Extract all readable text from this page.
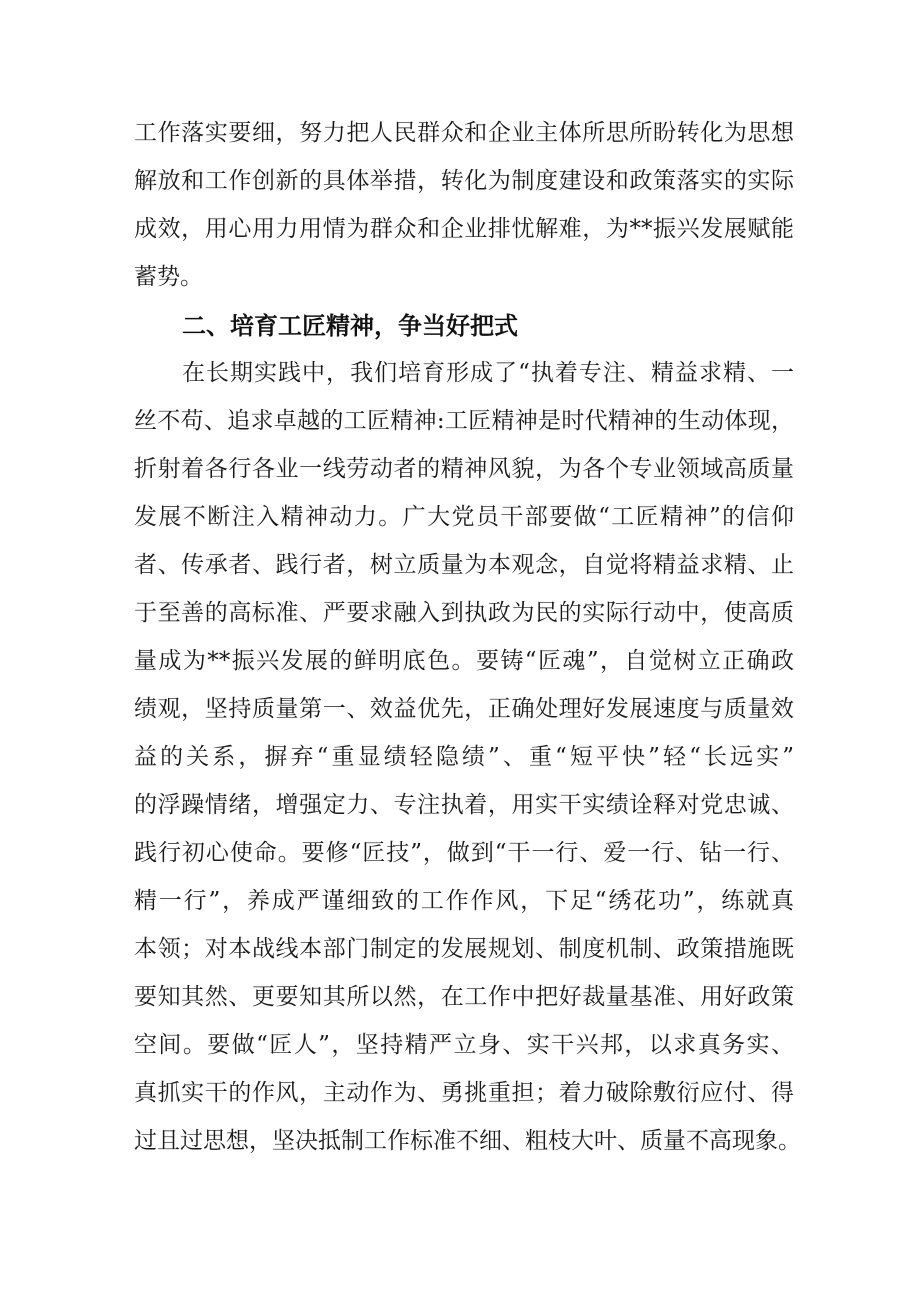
工作落实要细，努力把人民群众和企业主体所思所盼转化为思想
解放和工作创新的具体举措，转化为制度建设和政策落实的实际
成效，用心用力用情为群众和企业排忧解难，为**振兴发展赋能
蓄势。
二、培育工匠精神，争当好把式
在长期实践中，我们培育形成了“执着专注、精益求精、一
丝不苟、追求卓越的工匠精神:工匠精神是时代精神的生动体现，
折射着各行各业一线劳动者的精神风貌，为各个专业领域高质量
发展不断注入精神动力。广大党员干部要做“工匠精神”的信仰
者、传承者、践行者，树立质量为本观念，自觉将精益求精、止
于至善的高标准、严要求融入到执政为民的实际行动中，使高质
量成为**振兴发展的鲜明底色。要铸“匠魂”，自觉树立正确政
绩观，坚持质量第一、效益优先，正确处理好发展速度与质量效
益的关系，摒弃“重显绩轻隐绩”、重“短平快”轻“长远实”
的浮躁情绪，增强定力、专注执着，用实干实绩诠释对党忠诚、
践行初心使命。要修“匠技”，做到“干一行、爱一行、钻一行、
精一行”，养成严谨细致的工作作风，下足“绣花功”，练就真
本领；对本战线本部门制定的发展规划、制度机制、政策措施既
要知其然、更要知其所以然，在工作中把好裁量基准、用好政策
空间。要做“匠人”，坚持精严立身、实干兴邦，以求真务实、
真抓实干的作风，主动作为、勇挑重担；着力破除敷衍应付、得
过且过思想，坚决抵制工作标准不细、粗枝大叶、质量不高现象。
